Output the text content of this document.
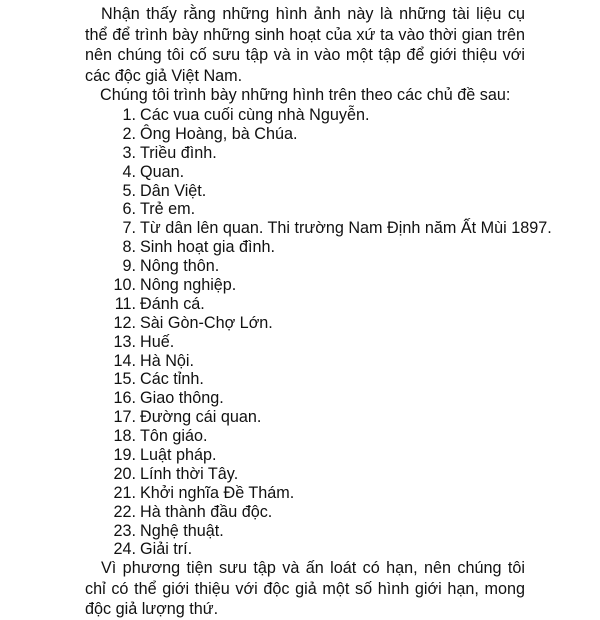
Nhận thấy rằng những hình ảnh này là những tài liệu cụ thể để trình bày những sinh hoạt của xứ ta vào thời gian trên nên chúng tôi cố sưu tập và in vào một tập để giới thiệu với các độc giả Việt Nam.

Chúng tôi trình bày những hình trên theo các chủ đề sau:

1. Các vua cuối cùng nhà Nguyễn.
2. Ông Hoàng, bà Chúa.
3. Triều đình.
4. Quan.
5. Dân Việt.
6. Trẻ em.
7. Từ dân lên quan. Thi trường Nam Định năm Ất Mùi 1897.
8. Sinh hoạt gia đình.
9. Nông thôn.
10. Nông nghiệp.
11. Đánh cá.
12. Sài Gòn-Chợ Lớn.
13. Huế.
14. Hà Nội.
15. Các tỉnh.
16. Giao thông.
17. Đường cái quan.
18. Tôn giáo.
19. Luật pháp.
20. Lính thời Tây.
21. Khởi nghĩa Đề Thám.
22. Hà thành đầu độc.
23. Nghệ thuật.
24. Giải trí.

Vì phương tiện sưu tập và ấn loát có hạn, nên chúng tôi chỉ có thể giới thiệu với độc giả một số hình giới hạn, mong độc giả lượng thứ.
